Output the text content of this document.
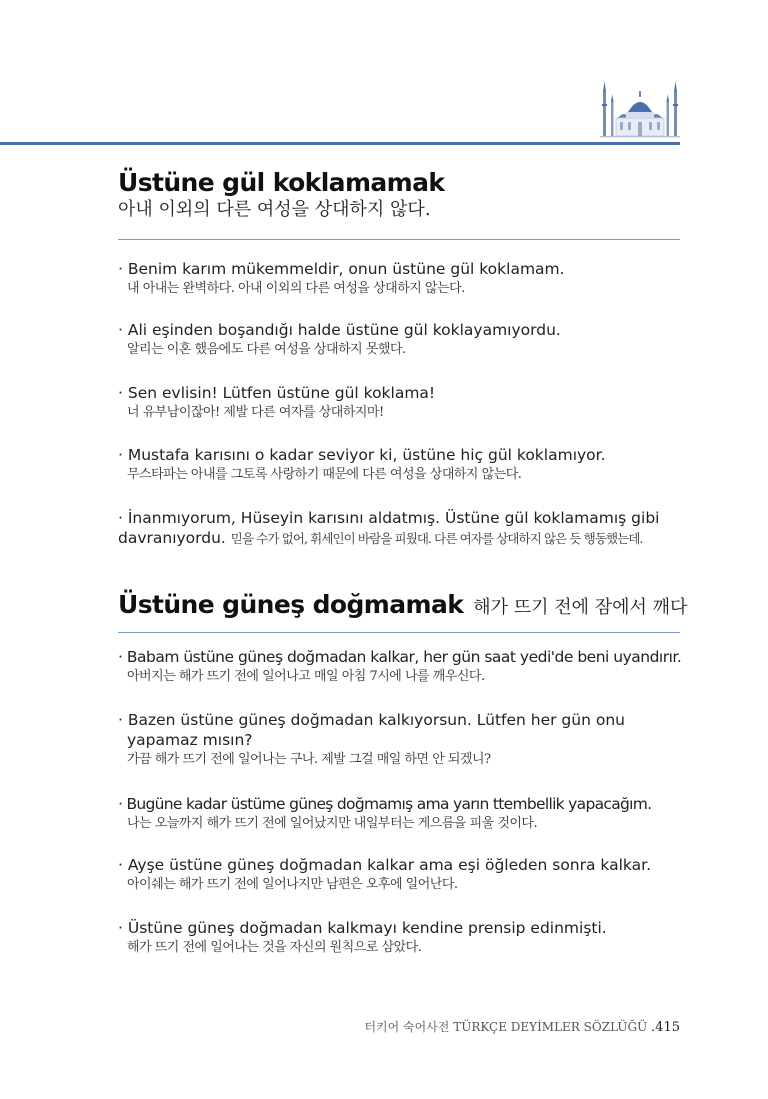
Üstüne gül koklamamak
아내 이외의 다른 여성을 상대하지 않다.
· Benim karım mükemmeldir, onun üstüne gül koklamam.
내 아내는 완벽하다. 아내 이외의 다른 여성을 상대하지 않는다.
· Ali eşinden boşandığı halde üstüne gül koklayamıyordu.
알리는 이혼 했음에도 다른 여성을 상대하지 못했다.
· Sen evlisin! Lütfen üstüne gül koklama!
너 유부남이잖아! 제발 다른 여자를 상대하지마!
· Mustafa karısını o kadar seviyor ki, üstüne hiç gül koklamıyor.
무스타파는 아내를 그토록 사랑하기 때문에 다른 여성을 상대하지 않는다.
· İnanmıyorum, Hüseyin karısını aldatmış. Üstüne gül koklamamış gibi
davranıyordu. 믿을 수가 없어, 휘세인이 바람을 피웠대. 다른 여자를 상대하지 않은 듯 행동했는데.
Üstüne güneş doğmamak 해가 뜨기 전에 잠에서 깨다
· Babam üstüne güneş doğmadan kalkar, her gün saat yedi'de beni uyandırır.
아버지는 해가 뜨기 전에 일어나고 매일 아침 7시에 나를 깨우신다.
· Bazen üstüne güneş doğmadan kalkıyorsun. Lütfen her gün onu
yapamaz mısın?
가끔 해가 뜨기 전에 일어나는 구나. 제발 그걸 매일 하면 안 되겠니?
· Bugüne kadar üstüme güneş doğmamış ama yarın ttembellik yapacağım.
나는 오늘까지 해가 뜨기 전에 일어났지만 내일부터는 게으름을 피울 것이다.
· Ayşe üstüne güneş doğmadan kalkar ama eşi öğleden sonra kalkar.
아이쉐는 해가 뜨기 전에 일어나지만 남편은 오후에 일어난다.
· Üstüne güneş doğmadan kalkmayı kendine prensip edinmişti.
해가 뜨기 전에 일어나는 것을 자신의 원칙으로 삼았다.
터키어 숙어사전 TÜRKÇE DEYİMLER SÖZLÜĞÜ .415
